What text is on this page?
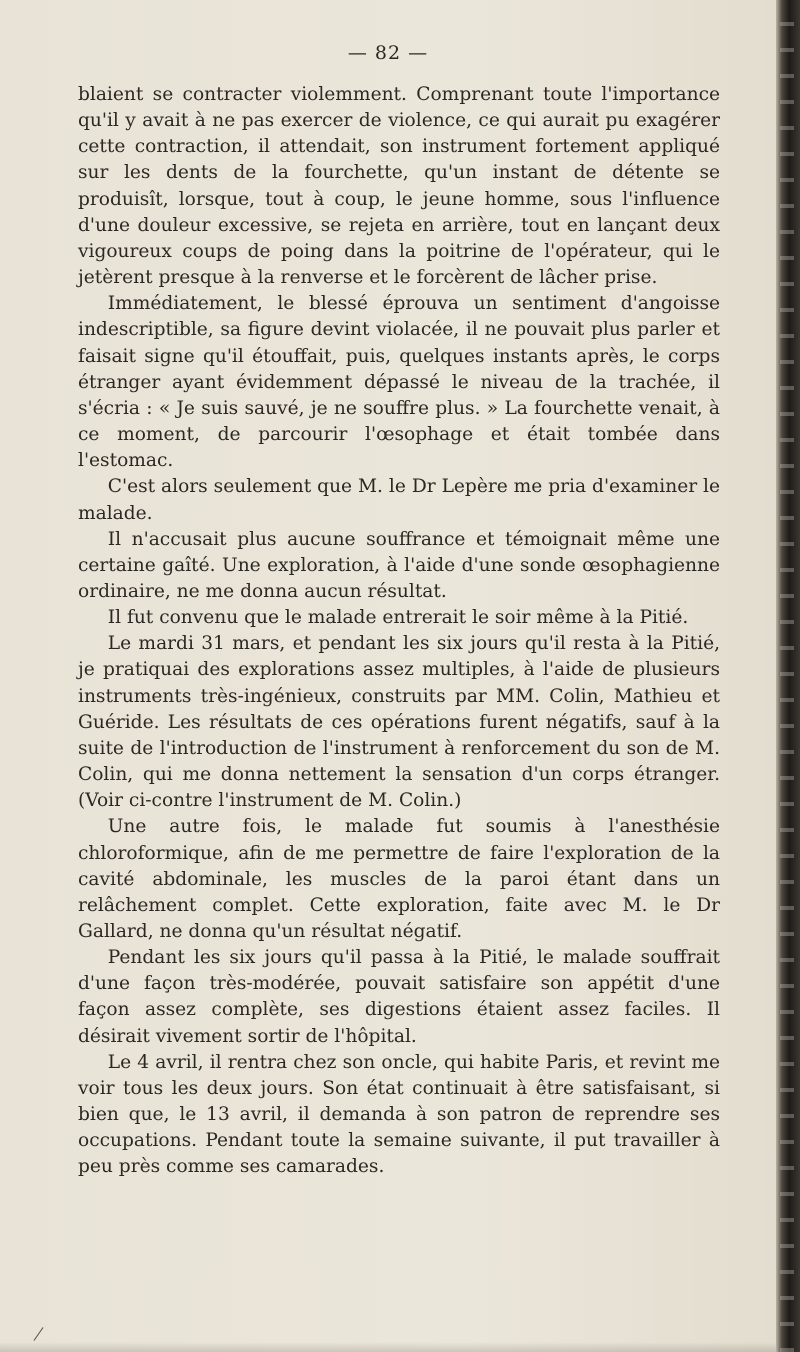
— 82 —

blaient se contracter violemment. Comprenant toute l'importance qu'il y avait à ne pas exercer de violence, ce qui aurait pu exagérer cette contraction, il attendait, son instrument fortement appliqué sur les dents de la fourchette, qu'un instant de détente se produisît, lorsque, tout à coup, le jeune homme, sous l'influence d'une douleur excessive, se rejeta en arrière, tout en lançant deux vigoureux coups de poing dans la poitrine de l'opérateur, qui le jetèrent presque à la renverse et le forcèrent de lâcher prise.

Immédiatement, le blessé éprouva un sentiment d'angoisse indescriptible, sa figure devint violacée, il ne pouvait plus parler et faisait signe qu'il étouffait, puis, quelques instants après, le corps étranger ayant évidemment dépassé le niveau de la trachée, il s'écria : « Je suis sauvé, je ne souffre plus. » La fourchette venait, à ce moment, de parcourir l'œsophage et était tombée dans l'estomac.

C'est alors seulement que M. le Dr Lepère me pria d'examiner le malade.

Il n'accusait plus aucune souffrance et témoignait même une certaine gaîté. Une exploration, à l'aide d'une sonde œsophagienne ordinaire, ne me donna aucun résultat.

Il fut convenu que le malade entrerait le soir même à la Pitié.

Le mardi 31 mars, et pendant les six jours qu'il resta à la Pitié, je pratiquai des explorations assez multiples, à l'aide de plusieurs instruments très-ingénieux, construits par MM. Colin, Mathieu et Guéride. Les résultats de ces opérations furent négatifs, sauf à la suite de l'introduction de l'instrument à renforcement du son de M. Colin, qui me donna nettement la sensation d'un corps étranger. (Voir ci-contre l'instrument de M. Colin.)

Une autre fois, le malade fut soumis à l'anesthésie chloroformique, afin de me permettre de faire l'exploration de la cavité abdominale, les muscles de la paroi étant dans un relâchement complet. Cette exploration, faite avec M. le Dr Gallard, ne donna qu'un résultat négatif.

Pendant les six jours qu'il passa à la Pitié, le malade souffrait d'une façon très-modérée, pouvait satisfaire son appétit d'une façon assez complète, ses digestions étaient assez faciles. Il désirait vivement sortir de l'hôpital.

Le 4 avril, il rentra chez son oncle, qui habite Paris, et revint me voir tous les deux jours. Son état continuait à être satisfaisant, si bien que, le 13 avril, il demanda à son patron de reprendre ses occupations. Pendant toute la semaine suivante, il put travailler à peu près comme ses camarades.
